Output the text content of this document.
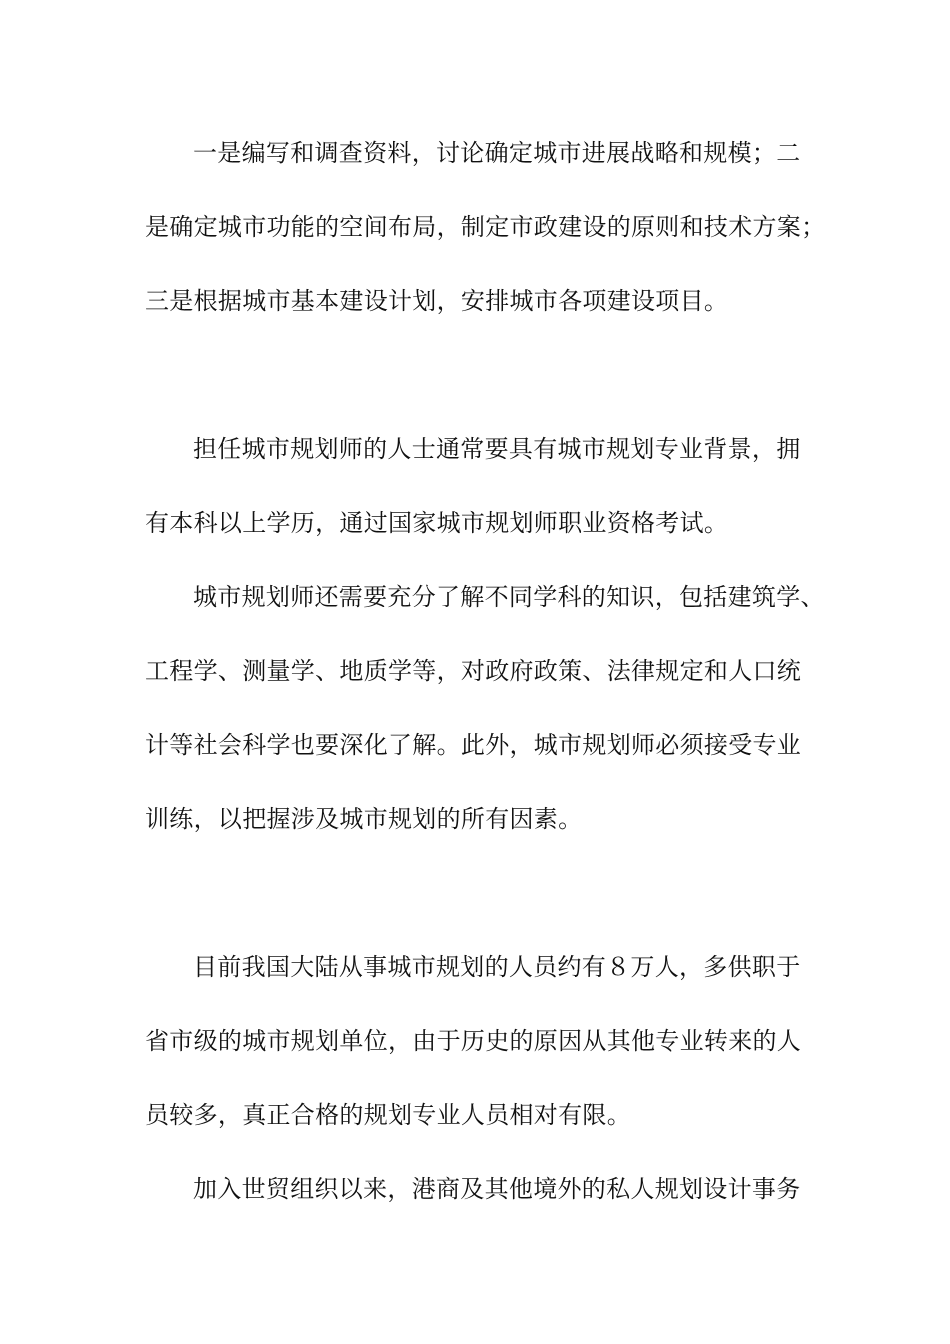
一是编写和调查资料，讨论确定城市进展战略和规模；二
是确定城市功能的空间布局，制定市政建设的原则和技术方案；
三是根据城市基本建设计划，安排城市各项建设项目。
担任城市规划师的人士通常要具有城市规划专业背景，拥
有本科以上学历，通过国家城市规划师职业资格考试。
城市规划师还需要充分了解不同学科的知识，包括建筑学、
工程学、测量学、地质学等，对政府政策、法律规定和人口统
计等社会科学也要深化了解。此外，城市规划师必须接受专业
训练，以把握涉及城市规划的所有因素。
目前我国大陆从事城市规划的人员约有８万人，多供职于
省市级的城市规划单位，由于历史的原因从其他专业转来的人
员较多，真正合格的规划专业人员相对有限。
加入世贸组织以来，港商及其他境外的私人规划设计事务
